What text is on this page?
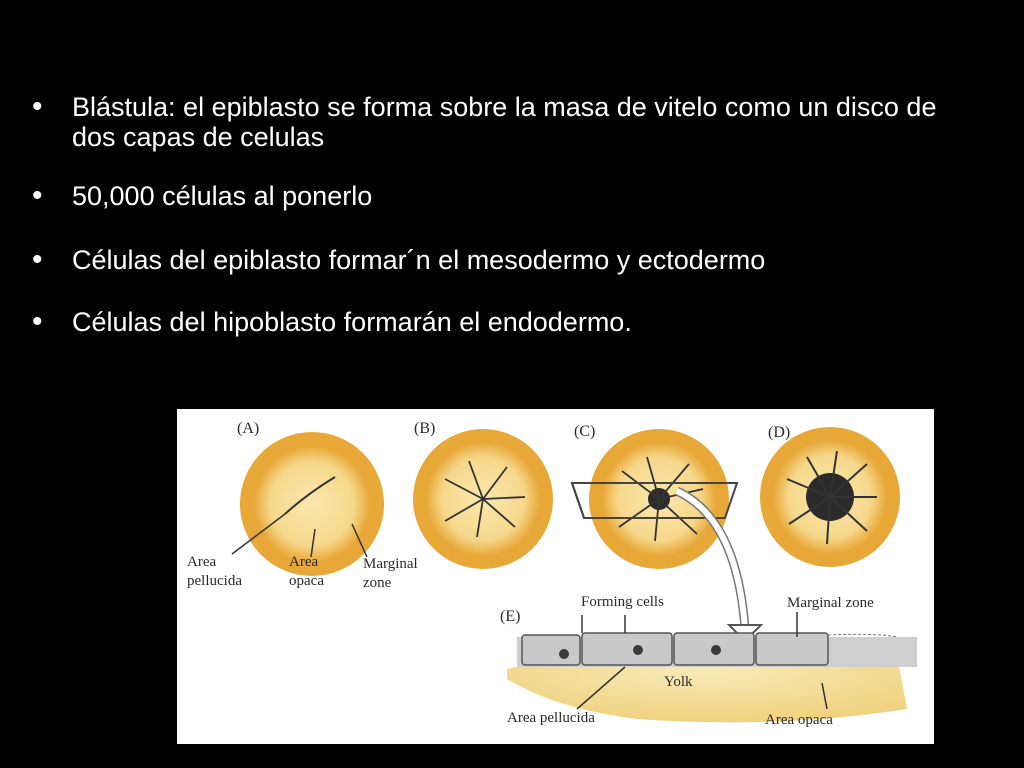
• Blástula: el epiblasto se forma sobre la masa de vitelo como un disco de dos capas de celulas
• 50,000 células al ponerlo
• Células del epiblasto formar´n el mesodermo y ectodermo
• Células del hipoblasto formarán el endodermo.
(A)	(B)	(C)	(D)
(E)
Area
pellucida
Area
opaca
Marginal
zone
Forming cells	Marginal zone
Yolk
Area pellucida	Area opaca
